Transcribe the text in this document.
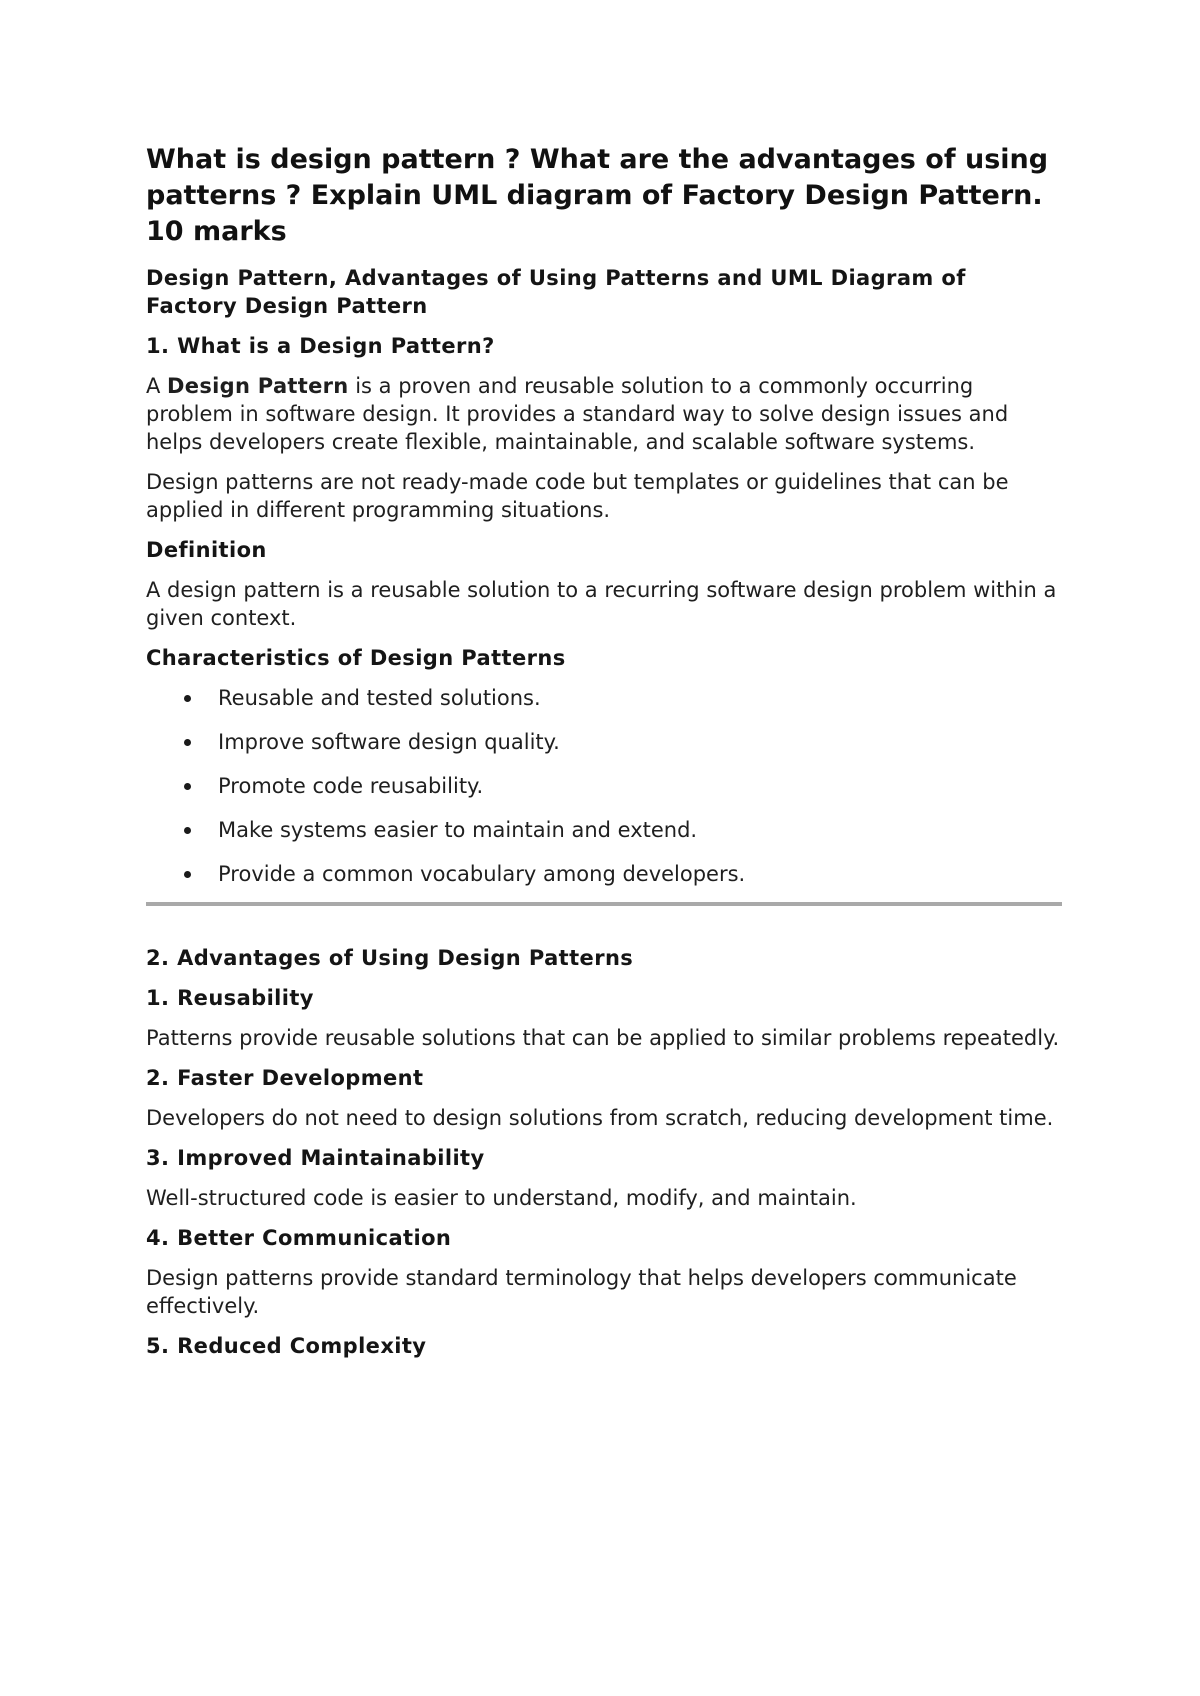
What is design pattern ? What are the advantages of using patterns ? Explain UML diagram of Factory Design Pattern. 10 marks
Design Pattern, Advantages of Using Patterns and UML Diagram of Factory Design Pattern
1. What is a Design Pattern?

A Design Pattern is a proven and reusable solution to a commonly occurring problem in software design. It provides a standard way to solve design issues and helps developers create flexible, maintainable, and scalable software systems.

Design patterns are not ready-made code but templates or guidelines that can be applied in different programming situations.

Definition

A design pattern is a reusable solution to a recurring software design problem within a given context.

Characteristics of Design Patterns
Reusable and tested solutions.
Improve software design quality.
Promote code reusability.
Make systems easier to maintain and extend.
Provide a common vocabulary among developers.
2. Advantages of Using Design Patterns
1. Reusability

Patterns provide reusable solutions that can be applied to similar problems repeatedly.

2. Faster Development

Developers do not need to design solutions from scratch, reducing development time.

3. Improved Maintainability

Well-structured code is easier to understand, modify, and maintain.

4. Better Communication

Design patterns provide standard terminology that helps developers communicate effectively.

5. Reduced Complexity
